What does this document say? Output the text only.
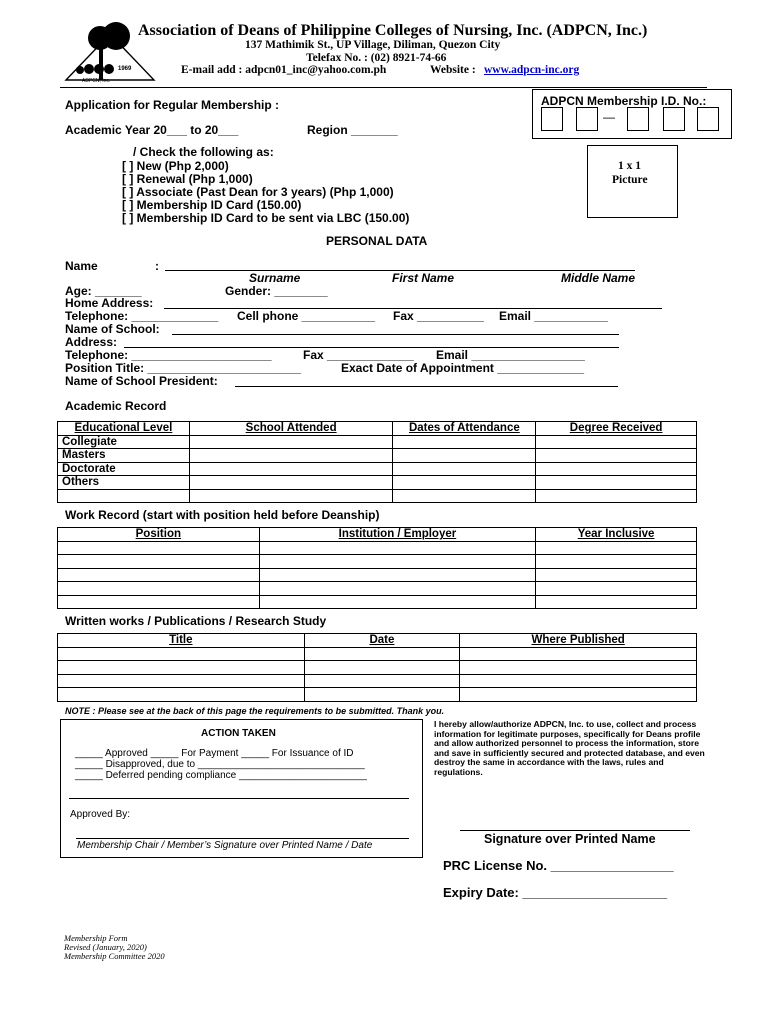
1969
ADPCN, Inc.
Association of Deans of Philippine Colleges of Nursing, Inc. (ADPCN, Inc.)
137 Mathimik St., UP Village, Diliman, Quezon City
Telefax No. : (02) 8921-74-66
E-mail add : adpcn01_inc@yahoo.com.ph	Website : www.adpcn-inc.org
ADPCN Membership I.D. No.:
—
Application for Regular Membership :
Academic Year 20___ to 20___	Region _______
/ Check the following as:
[ ] New (Php 2,000)
[ ] Renewal (Php 1,000)
[ ] Associate (Past Dean for 3 years) (Php 1,000)
[ ] Membership ID Card (150.00)
[ ] Membership ID Card to be sent via LBC (150.00)
1 x 1
Picture
PERSONAL DATA
Name	:
Surname	First Name	Middle Name
Age: _______	Gender: ________
Home Address:
Telephone: _____________ Cell phone ___________ Fax __________ Email ___________
Name of School:
Address:
Telephone: _____________________	Fax _____________ Email _________________
Position Title: _______________________	Exact Date of Appointment _____________
Name of School President:
Academic Record
Educational Level	School Attended	Dates of Attendance	Degree Received
Collegiate			
Masters			
Doctorate			
Others			

Work Record (start with position held before Deanship)
Position	Institution / Employer	Year Inclusive

Written works / Publications / Research Study
Title	Date	Where Published

NOTE : Please see at the back of this page the requirements to be submitted. Thank you.
ACTION TAKEN
_____ Approved _____ For Payment _____ For Issuance of ID
_____ Disapproved, due to ______________________________
_____ Deferred pending compliance _______________________
Approved By:
Membership Chair / Member’s Signature over Printed Name / Date
I hereby allow/authorize ADPCN, Inc. to use, collect and process information for legitimate purposes, specifically for Deans profile and allow authorized personnel to process the information, store and save in sufficiently secured and protected database, and even destroy the same in accordance with the laws, rules and regulations.
Signature over Printed Name
PRC License No. _________________
Expiry Date: ____________________
Membership Form
Revised (January, 2020)
Membership Committee 2020
